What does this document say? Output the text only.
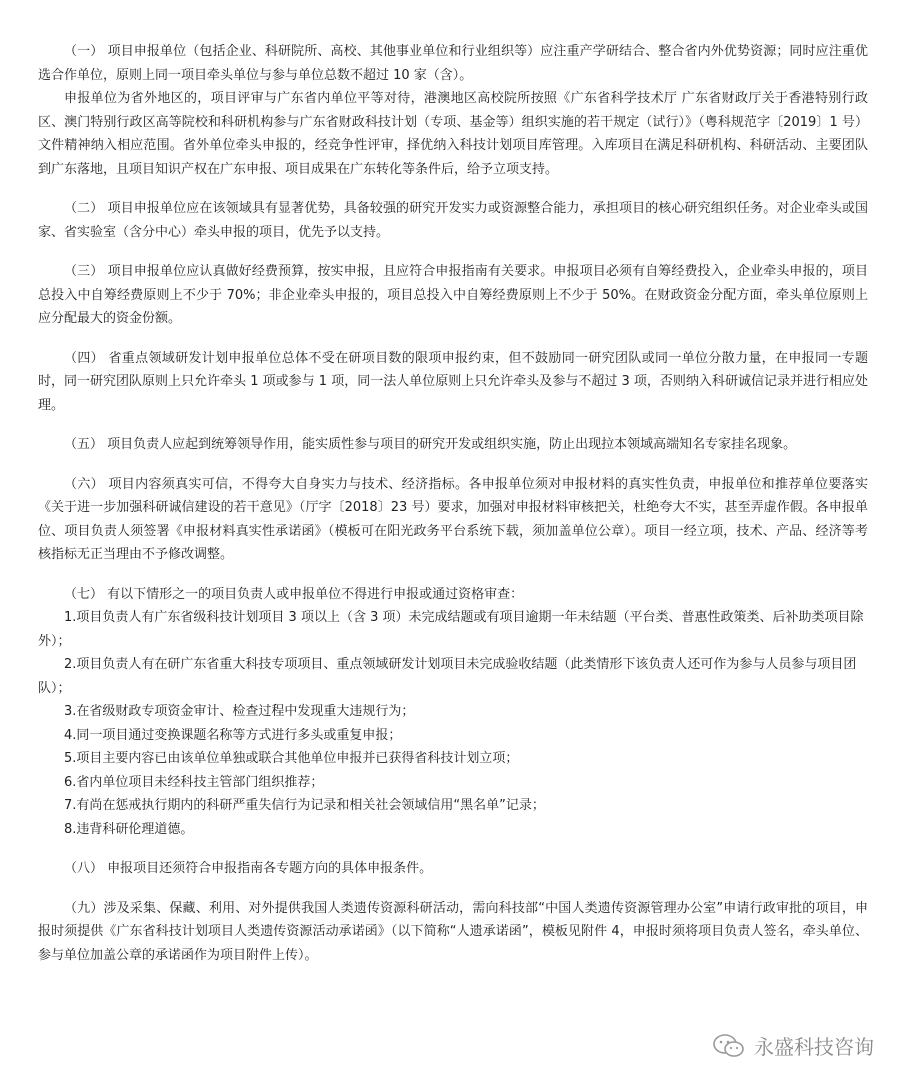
（一） 项目申报单位（包括企业、科研院所、高校、其他事业单位和行业组织等）应注重产学研结合、整合省内外优势资源；同时应注重优选合作单位，原则上同一项目牵头单位与参与单位总数不超过 10 家（含）。

申报单位为省外地区的，项目评审与广东省内单位平等对待，港澳地区高校院所按照《广东省科学技术厅 广东省财政厅关于香港特别行政区、澳门特别行政区高等院校和科研机构参与广东省财政科技计划（专项、基金等）组织实施的若干规定（试行）》（粤科规范字〔2019〕1 号）文件精神纳入相应范围。省外单位牵头申报的，经竞争性评审，择优纳入科技计划项目库管理。入库项目在满足科研机构、科研活动、主要团队到广东落地，且项目知识产权在广东申报、项目成果在广东转化等条件后，给予立项支持。

（二） 项目申报单位应在该领域具有显著优势，具备较强的研究开发实力或资源整合能力，承担项目的核心研究组织任务。对企业牵头或国家、省实验室（含分中心）牵头申报的项目，优先予以支持。

（三） 项目申报单位应认真做好经费预算，按实申报，且应符合申报指南有关要求。申报项目必须有自筹经费投入，企业牵头申报的，项目总投入中自筹经费原则上不少于 70%；非企业牵头申报的，项目总投入中自筹经费原则上不少于 50%。在财政资金分配方面，牵头单位原则上应分配最大的资金份额。

（四） 省重点领域研发计划申报单位总体不受在研项目数的限项申报约束，但不鼓励同一研究团队或同一单位分散力量，在申报同一专题时，同一研究团队原则上只允许牵头 1 项或参与 1 项，同一法人单位原则上只允许牵头及参与不超过 3 项，否则纳入科研诚信记录并进行相应处理。

（五） 项目负责人应起到统筹领导作用，能实质性参与项目的研究开发或组织实施，防止出现拉本领域高端知名专家挂名现象。

（六） 项目内容须真实可信，不得夸大自身实力与技术、经济指标。各申报单位须对申报材料的真实性负责，申报单位和推荐单位要落实《关于进一步加强科研诚信建设的若干意见》（厅字〔2018〕23 号）要求，加强对申报材料审核把关，杜绝夸大不实，甚至弄虚作假。各申报单位、项目负责人须签署《申报材料真实性承诺函》（模板可在阳光政务平台系统下载，须加盖单位公章）。项目一经立项，技术、产品、经济等考核指标无正当理由不予修改调整。

（七） 有以下情形之一的项目负责人或申报单位不得进行申报或通过资格审查：

1.项目负责人有广东省级科技计划项目 3 项以上（含 3 项）未完成结题或有项目逾期一年未结题（平台类、普惠性政策类、后补助类项目除外）；

2.项目负责人有在研广东省重大科技专项项目、重点领域研发计划项目未完成验收结题（此类情形下该负责人还可作为参与人员参与项目团队）；

3.在省级财政专项资金审计、检查过程中发现重大违规行为；

4.同一项目通过变换课题名称等方式进行多头或重复申报；

5.项目主要内容已由该单位单独或联合其他单位申报并已获得省科技计划立项；

6.省内单位项目未经科技主管部门组织推荐；

7.有尚在惩戒执行期内的科研严重失信行为记录和相关社会领域信用“黑名单”记录；

8.违背科研伦理道德。

（八） 申报项目还须符合申报指南各专题方向的具体申报条件。

（九）涉及采集、保藏、利用、对外提供我国人类遗传资源科研活动，需向科技部“中国人类遗传资源管理办公室”申请行政审批的项目，申报时须提供《广东省科技计划项目人类遗传资源活动承诺函》（以下简称“人遗承诺函”，模板见附件 4，申报时须将项目负责人签名，牵头单位、参与单位加盖公章的承诺函作为项目附件上传）。

永盛科技咨询
